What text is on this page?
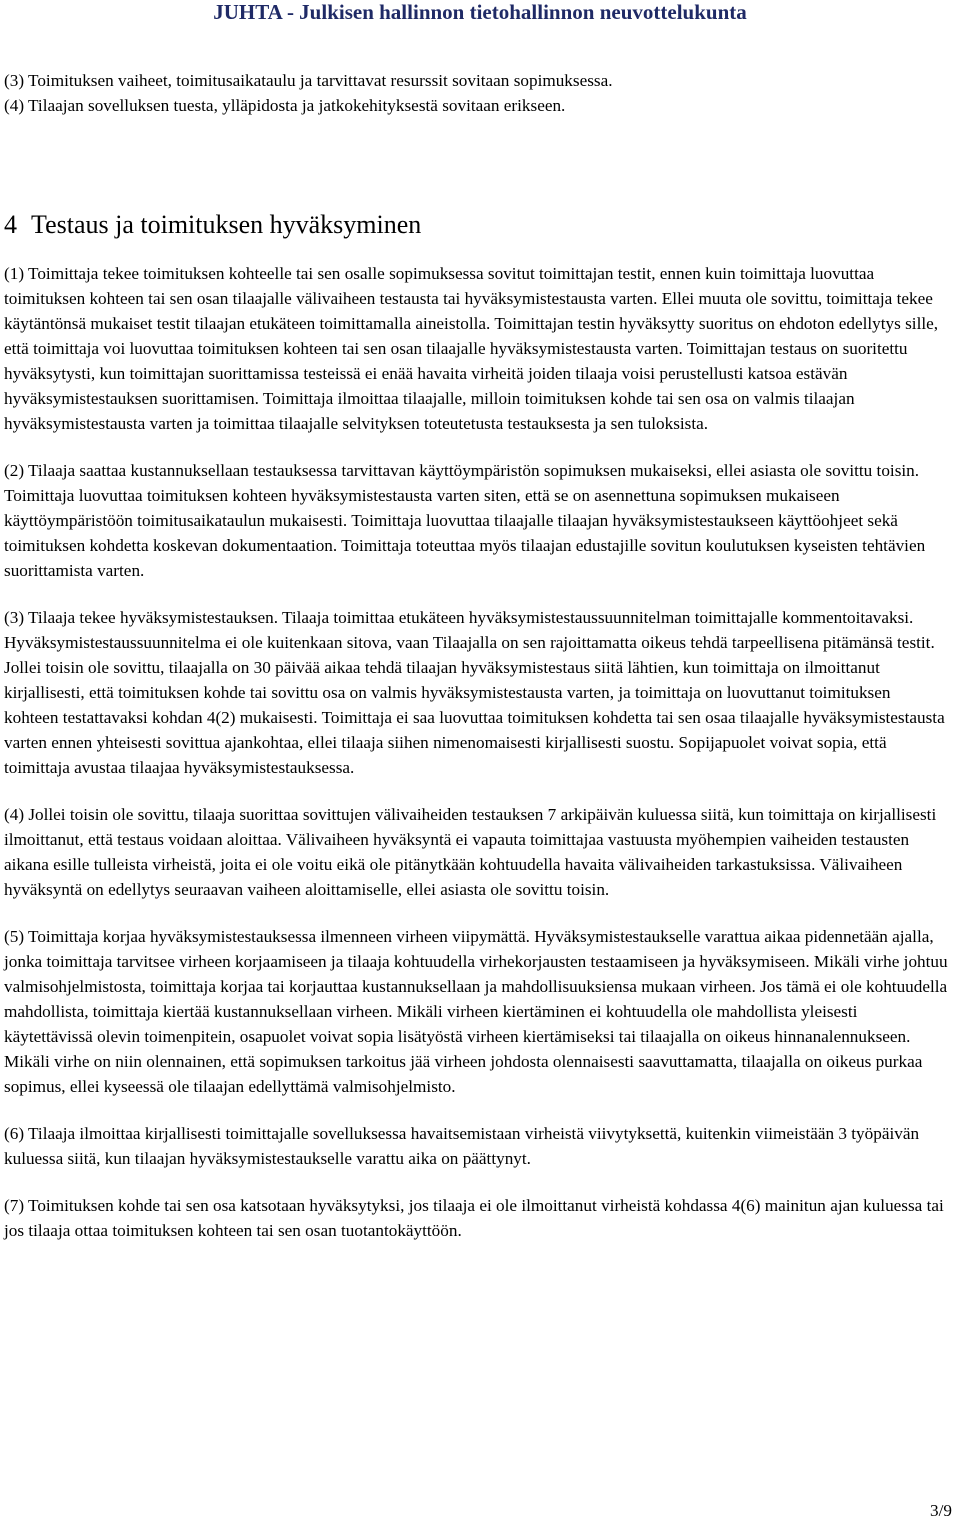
JUHTA - Julkisen hallinnon tietohallinnon neuvottelukunta

(3) Toimituksen vaiheet, toimitusaikataulu ja tarvittavat resurssit sovitaan sopimuksessa.

(4) Tilaajan sovelluksen tuesta, ylläpidosta ja jatkokehityksestä sovitaan erikseen.

4 Testaus ja toimituksen hyväksyminen

(1) Toimittaja tekee toimituksen kohteelle tai sen osalle sopimuksessa sovitut toimittajan testit, ennen kuin toimittaja luovuttaa toimituksen kohteen tai sen osan tilaajalle välivaiheen testausta tai hyväksymistestausta varten. Ellei muuta ole sovittu, toimittaja tekee käytäntönsä mukaiset testit tilaajan etukäteen toimittamalla aineistolla. Toimittajan testin hyväksytty suoritus on ehdoton edellytys sille, että toimittaja voi luovuttaa toimituksen kohteen tai sen osan tilaajalle hyväksymistestausta varten. Toimittajan testaus on suoritettu hyväksytysti, kun toimittajan suorittamissa testeissä ei enää havaita virheitä joiden tilaaja voisi perustellusti katsoa estävän hyväksymistestauksen suorittamisen. Toimittaja ilmoittaa tilaajalle, milloin toimituksen kohde tai sen osa on valmis tilaajan hyväksymistestausta varten ja toimittaa tilaajalle selvityksen toteutetusta testauksesta ja sen tuloksista.

(2) Tilaaja saattaa kustannuksellaan testauksessa tarvittavan käyttöympäristön sopimuksen mukaiseksi, ellei asiasta ole sovittu toisin. Toimittaja luovuttaa toimituksen kohteen hyväksymistestausta varten siten, että se on asennettuna sopimuksen mukaiseen käyttöympäristöön toimitusaikataulun mukaisesti. Toimittaja luovuttaa tilaajalle tilaajan hyväksymistestaukseen käyttöohjeet sekä toimituksen kohdetta koskevan dokumentaation. Toimittaja toteuttaa myös tilaajan edustajille sovitun koulutuksen kyseisten tehtävien suorittamista varten.

(3) Tilaaja tekee hyväksymistestauksen. Tilaaja toimittaa etukäteen hyväksymistestaussuunnitelman toimittajalle kommentoitavaksi. Hyväksymistestaussuunnitelma ei ole kuitenkaan sitova, vaan Tilaajalla on sen rajoittamatta oikeus tehdä tarpeellisena pitämänsä testit. Jollei toisin ole sovittu, tilaajalla on 30 päivää aikaa tehdä tilaajan hyväksymistestaus siitä lähtien, kun toimittaja on ilmoittanut kirjallisesti, että toimituksen kohde tai sovittu osa on valmis hyväksymistestausta varten, ja toimittaja on luovuttanut toimituksen kohteen testattavaksi kohdan 4(2) mukaisesti. Toimittaja ei saa luovuttaa toimituksen kohdetta tai sen osaa tilaajalle hyväksymistestausta varten ennen yhteisesti sovittua ajankohtaa, ellei tilaaja siihen nimenomaisesti kirjallisesti suostu. Sopijapuolet voivat sopia, että toimittaja avustaa tilaajaa hyväksymistestauksessa.

(4) Jollei toisin ole sovittu, tilaaja suorittaa sovittujen välivaiheiden testauksen 7 arkipäivän kuluessa siitä, kun toimittaja on kirjallisesti ilmoittanut, että testaus voidaan aloittaa. Välivaiheen hyväksyntä ei vapauta toimittajaa vastuusta myöhempien vaiheiden testausten aikana esille tulleista virheistä, joita ei ole voitu eikä ole pitänytkään kohtuudella havaita välivaiheiden tarkastuksissa. Välivaiheen hyväksyntä on edellytys seuraavan vaiheen aloittamiselle, ellei asiasta ole sovittu toisin.

(5) Toimittaja korjaa hyväksymistestauksessa ilmenneen virheen viipymättä. Hyväksymistestaukselle varattua aikaa pidennetään ajalla, jonka toimittaja tarvitsee virheen korjaamiseen ja tilaaja kohtuudella virhekorjausten testaamiseen ja hyväksymiseen. Mikäli virhe johtuu valmisohjelmistosta, toimittaja korjaa tai korjauttaa kustannuksellaan ja mahdollisuuksiensa mukaan virheen. Jos tämä ei ole kohtuudella mahdollista, toimittaja kiertää kustannuksellaan virheen. Mikäli virheen kiertäminen ei kohtuudella ole mahdollista yleisesti käytettävissä olevin toimenpitein, osapuolet voivat sopia lisätyöstä virheen kiertämiseksi tai tilaajalla on oikeus hinnanalennukseen. Mikäli virhe on niin olennainen, että sopimuksen tarkoitus jää virheen johdosta olennaisesti saavuttamatta, tilaajalla on oikeus purkaa sopimus, ellei kyseessä ole tilaajan edellyttämä valmisohjelmisto.

(6) Tilaaja ilmoittaa kirjallisesti toimittajalle sovelluksessa havaitsemistaan virheistä viivytyksettä, kuitenkin viimeistään 3 työpäivän kuluessa siitä, kun tilaajan hyväksymistestaukselle varattu aika on päättynyt.

(7) Toimituksen kohde tai sen osa katsotaan hyväksytyksi, jos tilaaja ei ole ilmoittanut virheistä kohdassa 4(6) mainitun ajan kuluessa tai jos tilaaja ottaa toimituksen kohteen tai sen osan tuotantokäyttöön.

3/9
